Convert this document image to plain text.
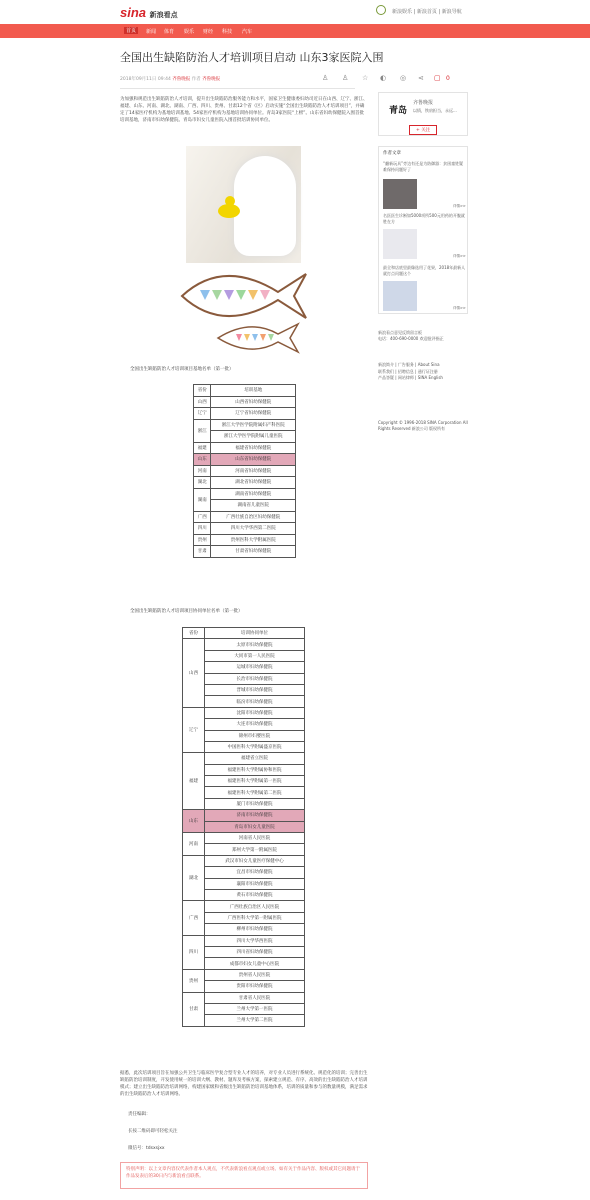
sina 新浪看点	新浪娱乐 | 新浪首页 | 新浪导航
首页	新闻 体育 娱乐 财经 科技 汽车
全国出生缺陷防治人才培训项目启动 山东3家医院入围
2018年09月11日 09:44 齐鲁晚报 作者 齐鲁晚报	♙ ♙ ☆ ◐ ◎ ⋖ ▢ 0
为加强和规范出生缺陷防治人才培训，提升出生缺陷防治服务能力和水平，国家卫生健康委妇幼司近日在山西、辽宁、浙江、福建、山东、河南、湖北、湖南、广西、四川、贵州、甘肃12个省（区）启动实施“全国出生缺陷防治人才培训项目”，并确定了14家医疗机构为基地培训基地、54家医疗机构为基地培训协同单位。青岛3家医院“上榜”。山东省妇幼保健院入围首批培训基地，济南市妇幼保健院、青岛市妇女儿童医院入围首批培训协同单位。
全国出生缺陷防治人才培训项目基地名单（第一批）
省份	培训基地
山西	山西省妇幼保健院
辽宁	辽宁省妇幼保健院
浙江	浙江大学医学院附属妇产科医院
	浙江大学医学院附属儿童医院
福建	福建省妇幼保健院
山东	山东省妇幼保健院
河南	河南省妇幼保健院
湖北	湖北省妇幼保健院
湖南	湖南省妇幼保健院
	湖南省儿童医院
广西	广西壮族自治区妇幼保健院
四川	四川大学华西第二医院
贵州	贵州医科大学附属医院
甘肃	甘肃省妇幼保健院
全国出生缺陷防治人才培训项目协同单位名单（第一批）
省份	培训协同单位
山西	太原市妇幼保健院
	大同市第一人民医院
	运城市妇幼保健院
	长治市妇幼保健院
	晋城市妇幼保健院
	临汾市妇幼保健院
辽宁	沈阳市妇幼保健院
	大连市妇幼保健院
	锦州市妇婴医院
	中国医科大学附属盛京医院
福建	福建省立医院
	福建医科大学附属协和医院
	福建医科大学附属第一医院
	福建医科大学附属第二医院
	厦门市妇幼保健院
山东	济南市妇幼保健院
	青岛市妇女儿童医院
河南	河南省人民医院
	郑州大学第一附属医院
湖北	武汉市妇女儿童医疗保健中心
	宜昌市妇幼保健院
	襄阳市妇幼保健院
	黄石市妇幼保健院
广西	广西壮族自治区人民医院
	广西医科大学第一附属医院
	柳州市妇幼保健院
四川	四川大学华西医院
	四川省妇幼保健院
	成都市妇女儿童中心医院
贵州	贵州省人民医院
	贵阳市妇幼保健院
甘肃	甘肃省人民医院
	兰州大学第一医院
	兰州大学第二医院
据悉，此次培训项目旨在加强公共卫生与临床医学复合型专业人才的培养，对专业人员进行系统化、规范化的培训；完善出生缺陷防治培训制度，开发使用统一的培训大纲、教材、题库及考核方案，探索建立规范、有序、高效的出生缺陷防治人才培训模式；建立出生缺陷防治培训网络，构建国家级和省级出生缺陷防治培训基地体系，培训的质量和参与的数量规模，满足需求的出生缺陷防治人才培训网络。
责任编辑：
长按二维码即可轻松关注
微信号：tdsxsjxx
特别声明：以上文章内容仅代表作者本人观点，不代表新浪看点观点或立场。如有关于作品内容、版权或其它问题请于作品发表后的30日内与新浪看点联系。
青岛
齐鲁晚报
以情，铁肩担当，永远...
+ 关注
作者文章
“翻新玩具”旁边有还是为防御器：贫困童姓疑难保持问题好了
详情>>
名医医生诊断如5000项所500元用药的开腹就胜在方
详情>>
最全和店底里最像选用了花果，2018年最新人就打点问题这个
详情>>
新浪看点意见反馈留言板
电话：400-690-0000 欢迎批评指正
新浪简介 | 广告服务 | About Sina
联系我们 | 招聘信息 | 通行证注册
产品答疑 | 网站律师 | SINA English
Copyright © 1996-2018 SINA Corporation All Rights Reserved 新浪公司 版权所有
